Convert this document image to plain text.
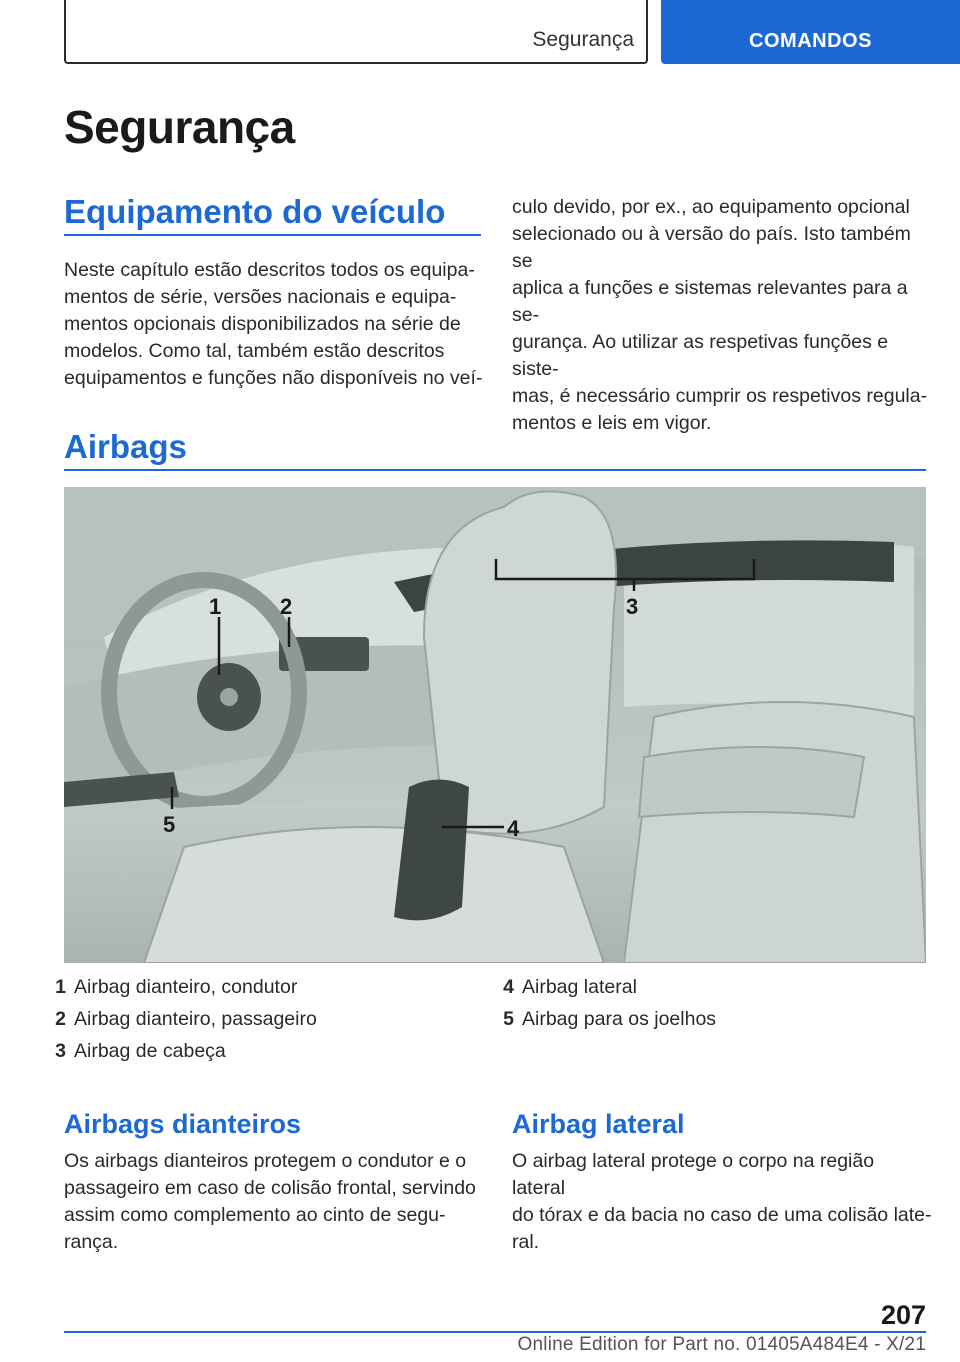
Segurança	COMANDOS
Segurança
Equipamento do veículo
Neste capítulo estão descritos todos os equipa‐
mentos de série, versões nacionais e equipa‐
mentos opcionais disponibilizados na série de
modelos. Como tal, também estão descritos
equipamentos e funções não disponíveis no veí‐
culo devido, por ex., ao equipamento opcional
selecionado ou à versão do país. Isto também se
aplica a funções e sistemas relevantes para a se‐
gurança. Ao utilizar as respetivas funções e siste‐
mas, é necessário cumprir os respetivos regula‐
mentos e leis em vigor.
Airbags
1	2	3
4
5
1 Airbag dianteiro, condutor
2 Airbag dianteiro, passageiro
3 Airbag de cabeça
4 Airbag lateral
5 Airbag para os joelhos
Airbags dianteiros
Os airbags dianteiros protegem o condutor e o
passageiro em caso de colisão frontal, servindo
assim como complemento ao cinto de segu‐
rança.
Airbag lateral
O airbag lateral protege o corpo na região lateral
do tórax e da bacia no caso de uma colisão late‐
ral.
207
Online Edition for Part no. 01405A484E4 - X/21
